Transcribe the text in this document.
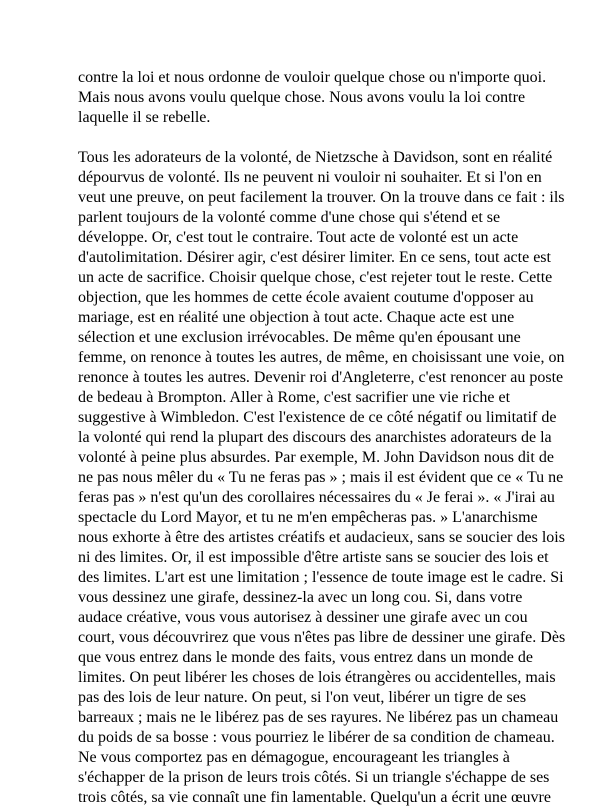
contre la loi et nous ordonne de vouloir quelque chose ou n'importe quoi.
Mais nous avons voulu quelque chose. Nous avons voulu la loi contre
laquelle il se rebelle.

Tous les adorateurs de la volonté, de Nietzsche à Davidson, sont en réalité
dépourvus de volonté. Ils ne peuvent ni vouloir ni souhaiter. Et si l'on en
veut une preuve, on peut facilement la trouver. On la trouve dans ce fait : ils
parlent toujours de la volonté comme d'une chose qui s'étend et se
développe. Or, c'est tout le contraire. Tout acte de volonté est un acte
d'autolimitation. Désirer agir, c'est désirer limiter. En ce sens, tout acte est
un acte de sacrifice. Choisir quelque chose, c'est rejeter tout le reste. Cette
objection, que les hommes de cette école avaient coutume d'opposer au
mariage, est en réalité une objection à tout acte. Chaque acte est une
sélection et une exclusion irrévocables. De même qu'en épousant une
femme, on renonce à toutes les autres, de même, en choisissant une voie, on
renonce à toutes les autres. Devenir roi d'Angleterre, c'est renoncer au poste
de bedeau à Brompton. Aller à Rome, c'est sacrifier une vie riche et
suggestive à Wimbledon. C'est l'existence de ce côté négatif ou limitatif de
la volonté qui rend la plupart des discours des anarchistes adorateurs de la
volonté à peine plus absurdes. Par exemple, M. John Davidson nous dit de
ne pas nous mêler du « Tu ne feras pas » ; mais il est évident que ce « Tu ne
feras pas » n'est qu'un des corollaires nécessaires du « Je ferai ». « J'irai au
spectacle du Lord Mayor, et tu ne m'en empêcheras pas. » L'anarchisme
nous exhorte à être des artistes créatifs et audacieux, sans se soucier des lois
ni des limites. Or, il est impossible d'être artiste sans se soucier des lois et
des limites. L'art est une limitation ; l'essence de toute image est le cadre. Si
vous dessinez une girafe, dessinez-la avec un long cou. Si, dans votre
audace créative, vous vous autorisez à dessiner une girafe avec un cou
court, vous découvrirez que vous n'êtes pas libre de dessiner une girafe. Dès
que vous entrez dans le monde des faits, vous entrez dans un monde de
limites. On peut libérer les choses de lois étrangères ou accidentelles, mais
pas des lois de leur nature. On peut, si l'on veut, libérer un tigre de ses
barreaux ; mais ne le libérez pas de ses rayures. Ne libérez pas un chameau
du poids de sa bosse : vous pourriez le libérer de sa condition de chameau.
Ne vous comportez pas en démagogue, encourageant les triangles à
s'échapper de la prison de leurs trois côtés. Si un triangle s'échappe de ses
trois côtés, sa vie connaît une fin lamentable. Quelqu'un a écrit une œuvre
